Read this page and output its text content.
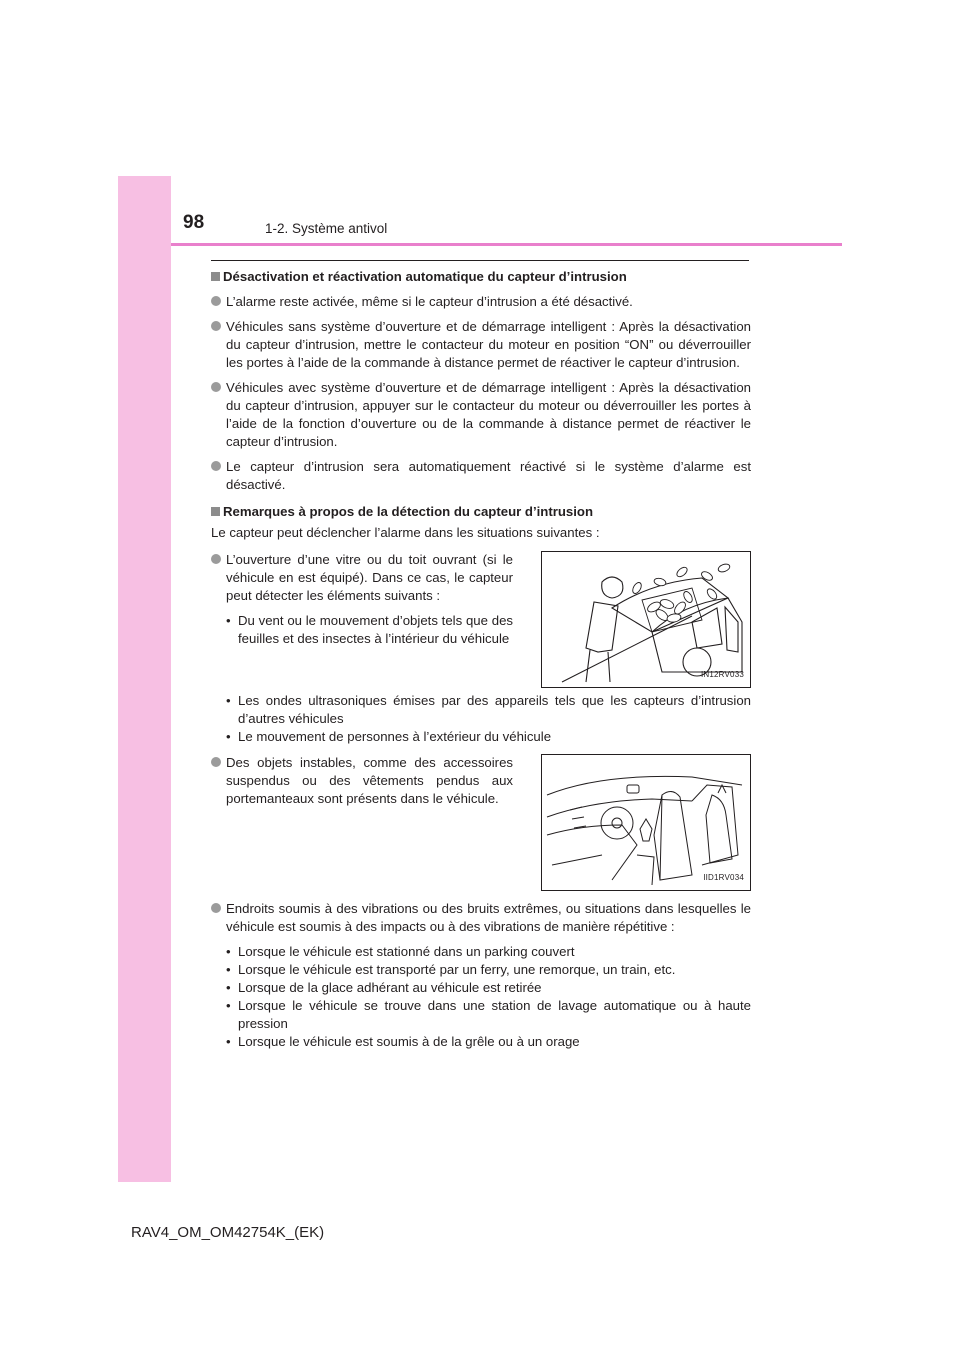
98	1-2. Système antivol
Désactivation et réactivation automatique du capteur d’intrusion
L’alarme reste activée, même si le capteur d’intrusion a été désactivé.
Véhicules sans système d’ouverture et de démarrage intelligent : Après la désactivation du capteur d’intrusion, mettre le contacteur du moteur en position “ON” ou déverrouiller les portes à l’aide de la commande à distance permet de réactiver le capteur d’intrusion.
Véhicules avec système d’ouverture et de démarrage intelligent : Après la désactivation du capteur d’intrusion, appuyer sur le contacteur du moteur ou déverrouiller les portes à l’aide de la fonction d’ouverture ou de la commande à distance permet de réactiver le capteur d’intrusion.
Le capteur d’intrusion sera automatiquement réactivé si le système d’alarme est désactivé.
Remarques à propos de la détection du capteur d’intrusion
Le capteur peut déclencher l’alarme dans les situations suivantes :
L’ouverture d’une vitre ou du toit ouvrant (si le véhicule en est équipé). Dans ce cas, le capteur peut détecter les éléments suivants :
• Du vent ou le mouvement d’objets tels que des feuilles et des insectes à l’intérieur du véhicule
IN12RV033
• Les ondes ultrasoniques émises par des appareils tels que les capteurs d’intrusion d’autres véhicules
• Le mouvement de personnes à l’extérieur du véhicule
Des objets instables, comme des accessoires suspendus ou des vêtements pendus aux portemanteaux sont présents dans le véhicule.
IID1RV034
Endroits soumis à des vibrations ou des bruits extrêmes, ou situations dans lesquelles le véhicule est soumis à des impacts ou à des vibrations de manière répétitive :
• Lorsque le véhicule est stationné dans un parking couvert
• Lorsque le véhicule est transporté par un ferry, une remorque, un train, etc.
• Lorsque de la glace adhérant au véhicule est retirée
• Lorsque le véhicule se trouve dans une station de lavage automatique ou à haute pression
• Lorsque le véhicule est soumis à de la grêle ou à un orage
RAV4_OM_OM42754K_(EK)
